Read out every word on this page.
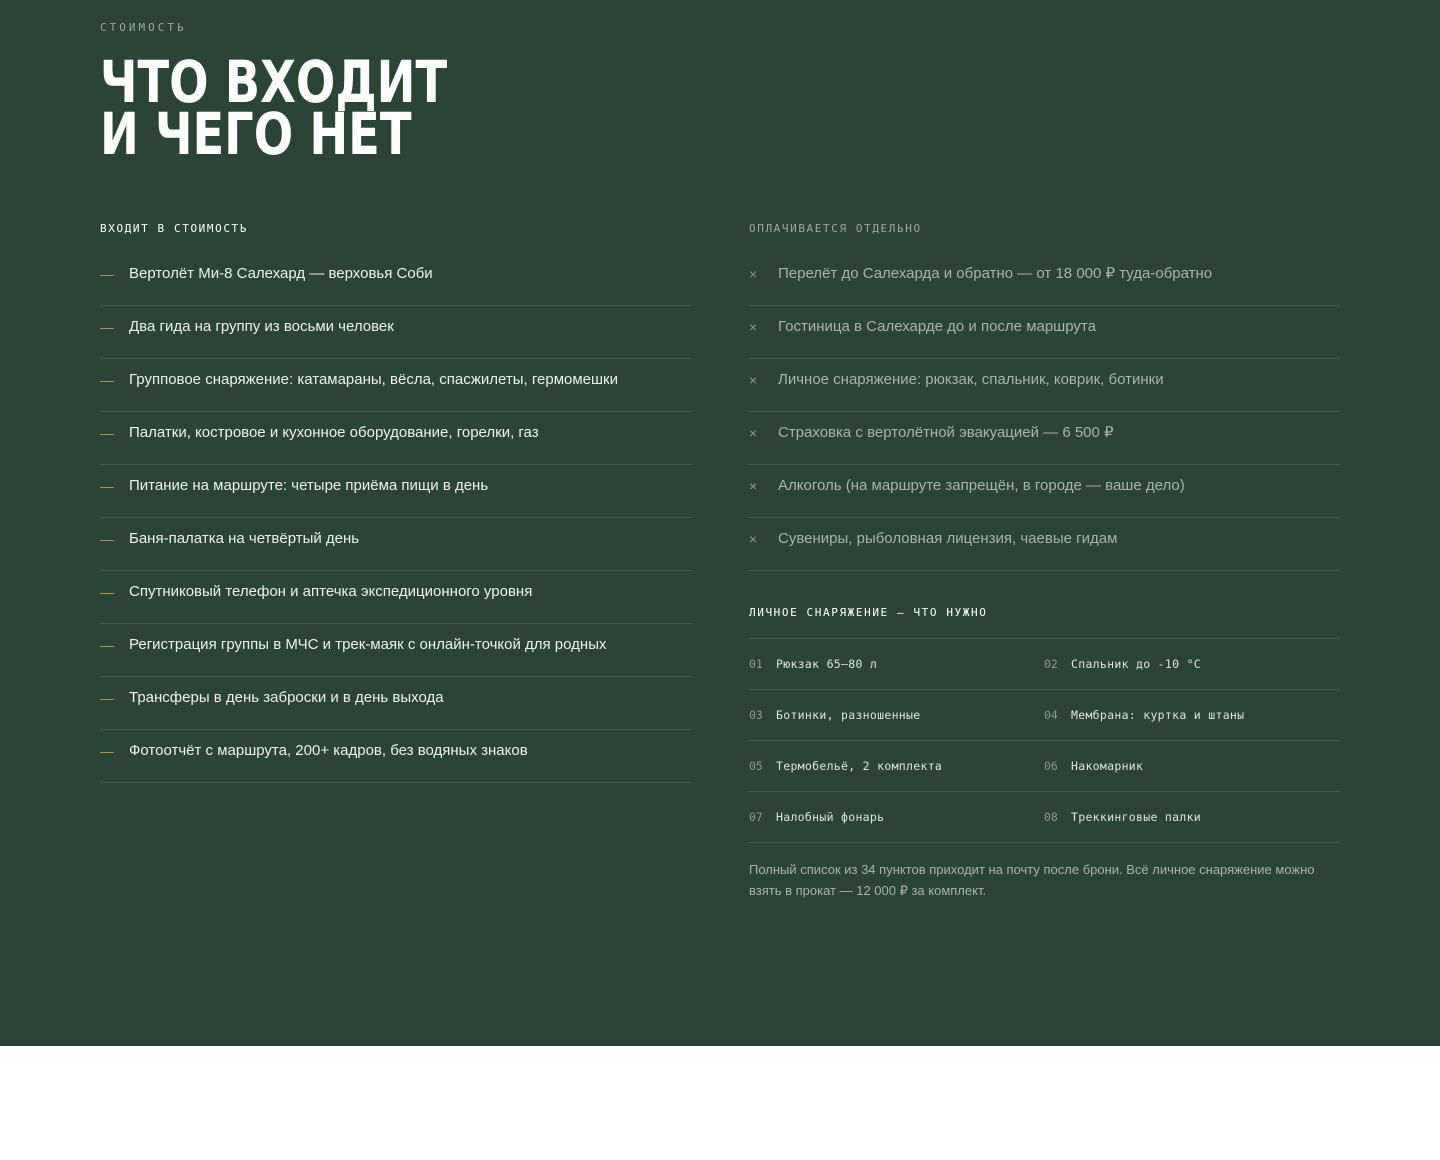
СТОИМОСТЬ
ЧТО ВХОДИТ
И ЧЕГО НЕТ
ВХОДИТ В СТОИМОСТЬ
—	Вертолёт Ми-8 Салехард — верховья Соби
—	Два гида на группу из восьми человек
—	Групповое снаряжение: катамараны, вёсла, спасжилеты, гермомешки
—	Палатки, костровое и кухонное оборудование, горелки, газ
—	Питание на маршруте: четыре приёма пищи в день
—	Баня-палатка на четвёртый день
—	Спутниковый телефон и аптечка экспедиционного уровня
—	Регистрация группы в МЧС и трек-маяк с онлайн-точкой для родных
—	Трансферы в день заброски и в день выхода
—	Фотоотчёт с маршрута, 200+ кадров, без водяных знаков
ОПЛАЧИВАЕТСЯ ОТДЕЛЬНО
×	Перелёт до Салехарда и обратно — от 18 000 ₽ туда-обратно
×	Гостиница в Салехарде до и после маршрута
×	Личное снаряжение: рюкзак, спальник, коврик, ботинки
×	Страховка с вертолётной эвакуацией — 6 500 ₽
×	Алкоголь (на маршруте запрещён, в городе — ваше дело)
×	Сувениры, рыболовная лицензия, чаевые гидам
ЛИЧНОЕ СНАРЯЖЕНИЕ — ЧТО НУЖНО
01	Рюкзак 65–80 л	02	Спальник до -10 °C
03	Ботинки, разношенные	04	Мембрана: куртка и штаны
05	Термобельё, 2 комплекта	06	Накомарник
07	Налобный фонарь	08	Треккинговые палки
Полный список из 34 пунктов приходит на почту после брони. Всё личное снаряжение можно взять в прокат — 12 000 ₽ за комплект.
